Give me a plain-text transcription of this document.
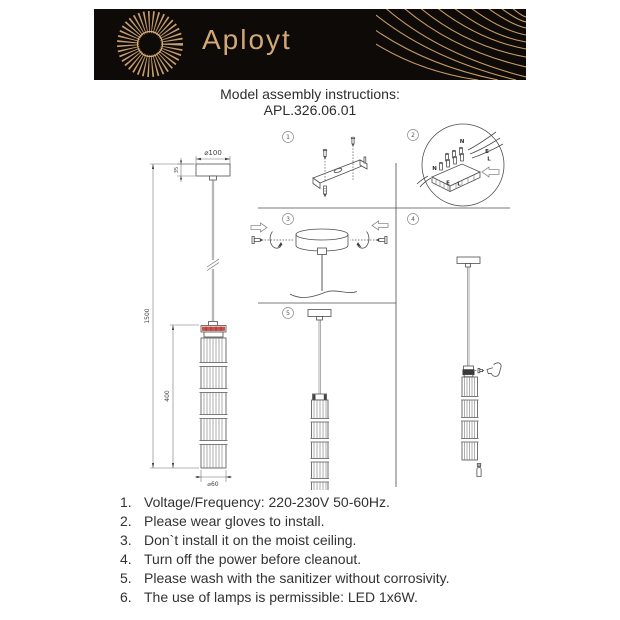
Aployt
Model assembly instructions:
APL.326.06.01
⌀100
35
1500
400
⌀60
1	2
N
E
L
N
E L
3	4
5
1. Voltage/Frequency: 220-230V 50-60Hz.
2. Please wear gloves to install.
3. Don`t install it on the moist ceiling.
4. Turn off the power before cleanout.
5. Please wash with the sanitizer without corrosivity.
6. The use of lamps is permissible: LED 1x6W.
